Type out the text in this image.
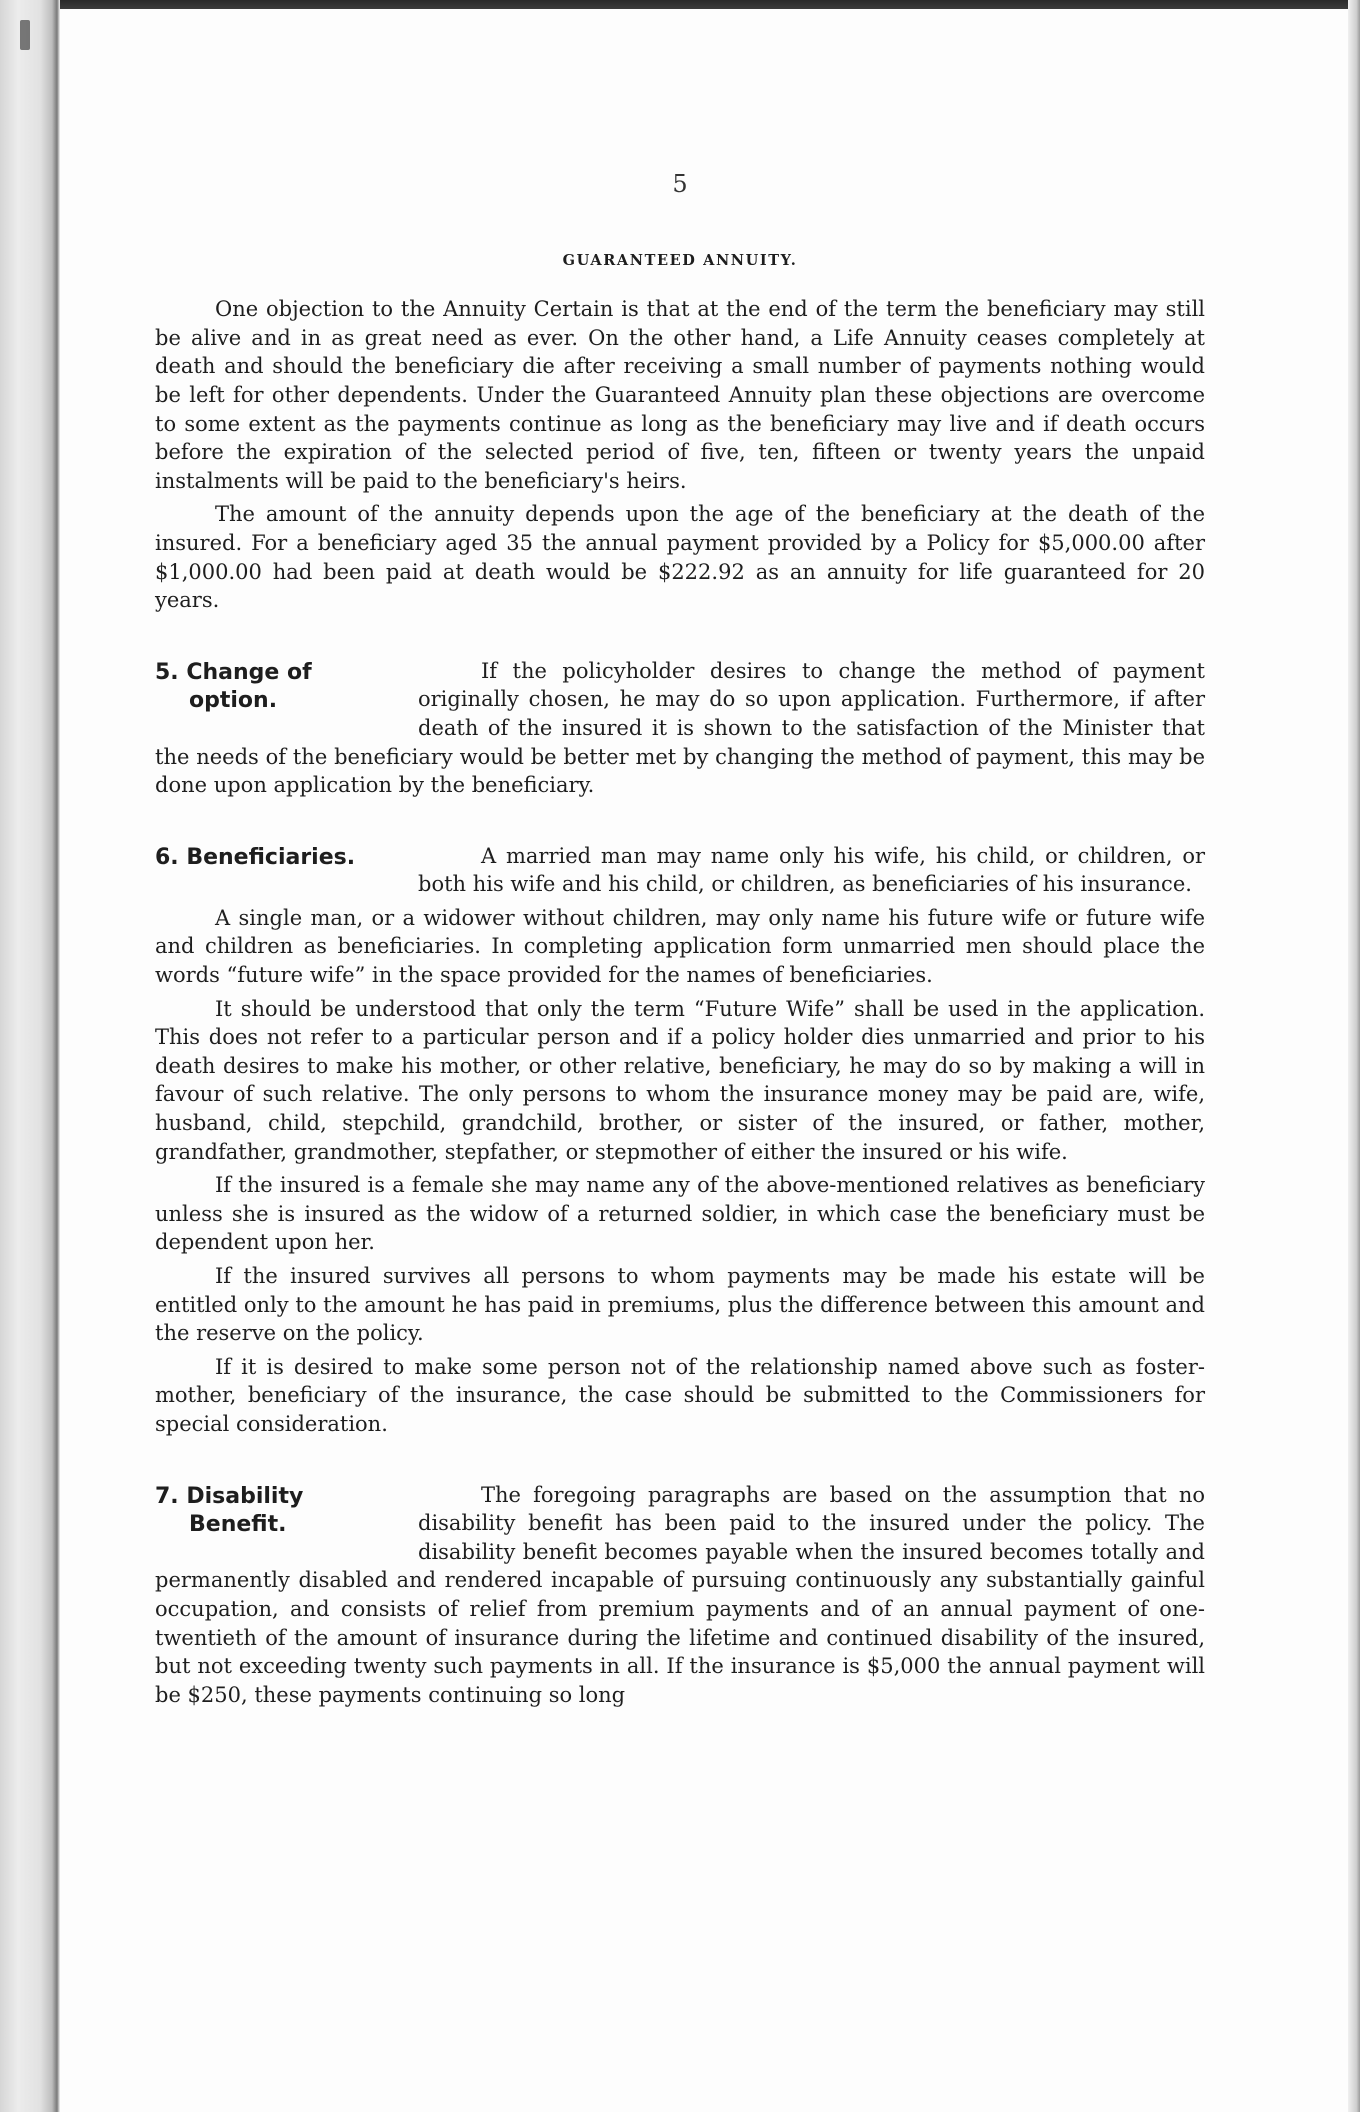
5
GUARANTEED ANNUITY.

One objection to the Annuity Certain is that at the end of the term the beneficiary may still be alive and in as great need as ever. On the other hand, a Life Annuity ceases completely at death and should the beneficiary die after receiving a small number of payments nothing would be left for other dependents. Under the Guaranteed Annuity plan these objections are overcome to some extent as the payments continue as long as the beneficiary may live and if death occurs before the expiration of the selected period of five, ten, fifteen or twenty years the unpaid instalments will be paid to the beneficiary's heirs.

The amount of the annuity depends upon the age of the beneficiary at the death of the insured. For a beneficiary aged 35 the annual payment provided by a Policy for $5,000.00 after $1,000.00 had been paid at death would be $222.92 as an annuity for life guaranteed for 20 years.

5. Change of
option.

If the policyholder desires to change the method of payment originally chosen, he may do so upon application. Furthermore, if after death of the insured it is shown to the satisfaction of the Minister that the needs of the beneficiary would be better met by changing the method of payment, this may be done upon application by the beneficiary.

6. Beneficiaries.	A married man may name only his wife, his child, or children, or both his wife and his child, or children, as beneficiaries of his insurance.

A single man, or a widower without children, may only name his future wife or future wife and children as beneficiaries. In completing application form unmarried men should place the words “future wife” in the space provided for the names of beneficiaries.

It should be understood that only the term “Future Wife” shall be used in the application. This does not refer to a particular person and if a policy holder dies unmarried and prior to his death desires to make his mother, or other relative, beneficiary, he may do so by making a will in favour of such relative. The only persons to whom the insurance money may be paid are, wife, husband, child, stepchild, grandchild, brother, or sister of the insured, or father, mother, grandfather, grandmother, stepfather, or stepmother of either the insured or his wife.

If the insured is a female she may name any of the above-mentioned relatives as beneficiary unless she is insured as the widow of a returned soldier, in which case the beneficiary must be dependent upon her.

If the insured survives all persons to whom payments may be made his estate will be entitled only to the amount he has paid in premiums, plus the difference between this amount and the reserve on the policy.

If it is desired to make some person not of the relationship named above such as foster-mother, beneficiary of the insurance, the case should be submitted to the Commissioners for special consideration.

7. Disability
Benefit.

The foregoing paragraphs are based on the assumption that no disability benefit has been paid to the insured under the policy. The disability benefit becomes payable when the insured becomes totally and permanently disabled and rendered incapable of pursuing continuously any substantially gainful occupation, and consists of relief from premium payments and of an annual payment of one-twentieth of the amount of insurance during the lifetime and continued disability of the insured, but not exceeding twenty such payments in all. If the insurance is $5,000 the annual payment will be $250, these payments continuing so long
